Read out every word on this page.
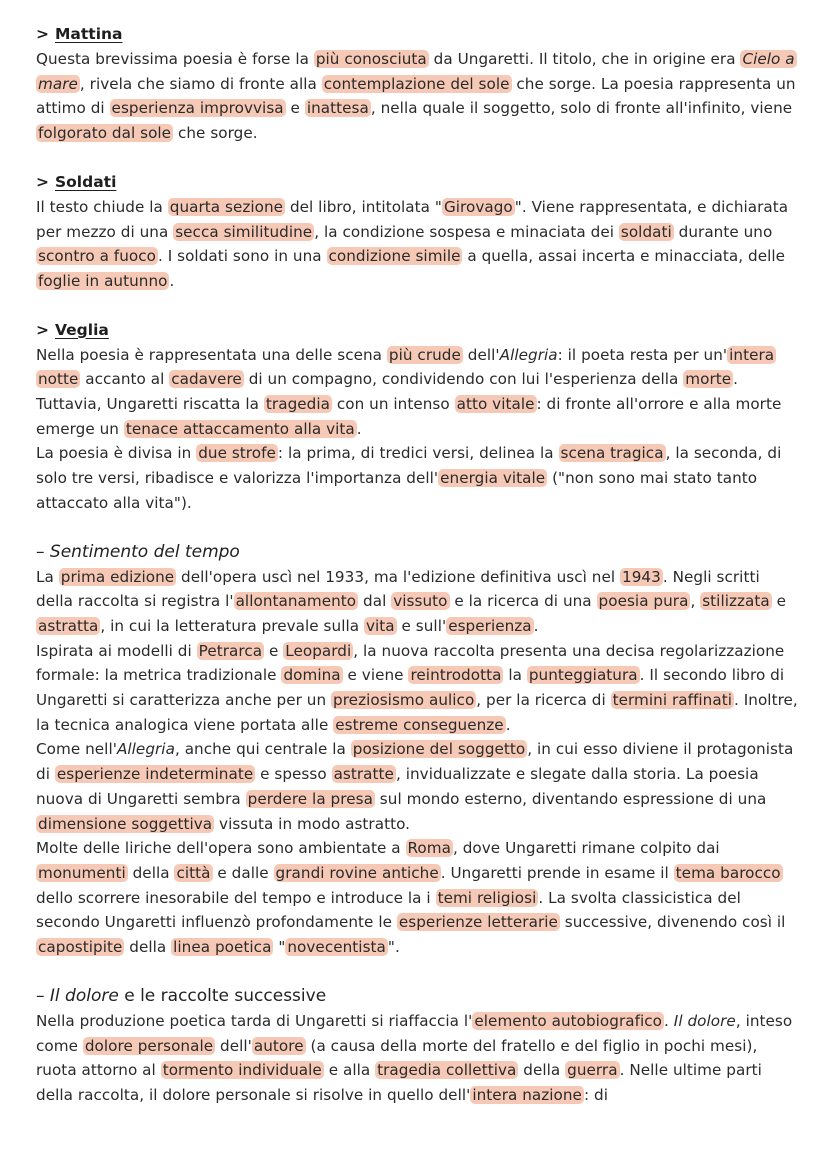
> Mattina

Questa brevissima poesia è forse la più conosciuta da Ungaretti. Il titolo, che in origine era Cielo a mare , rivela che siamo di fronte alla contemplazione del sole che sorge. La poesia rappresenta un attimo di esperienza improvvisa e inattesa , nella quale il soggetto, solo di fronte all'infinito, viene folgorato dal sole che sorge.

> Soldati

Il testo chiude la quarta sezione del libro, intitolata " Girovago ". Viene rappresentata, e dichiarata per mezzo di una secca similitudine , la condizione sospesa e minaciata dei soldati durante uno scontro a fuoco . I soldati sono in una condizione simile a quella, assai incerta e minacciata, delle foglie in autunno .

> Veglia

Nella poesia è rappresentata una delle scena più crude dell'Allegria: il poeta resta per un' intera notte accanto al cadavere di un compagno, condividendo con lui l'esperienza della morte . Tuttavia, Ungaretti riscatta la tragedia con un intenso atto vitale : di fronte all'orrore e alla morte emerge un tenace attaccamento alla vita .

La poesia è divisa in due strofe : la prima, di tredici versi, delinea la scena tragica , la seconda, di solo tre versi, ribadisce e valorizza l'importanza dell' energia vitale ("non sono mai stato tanto attaccato alla vita").

– Sentimento del tempo

La prima edizione dell'opera uscì nel 1933, ma l'edizione definitiva uscì nel 1943 . Negli scritti della raccolta si registra l' allontanamento dal vissuto e la ricerca di una poesia pura , stilizzata e astratta , in cui la letteratura prevale sulla vita e sull' esperienza .

Ispirata ai modelli di Petrarca e Leopardi , la nuova raccolta presenta una decisa regolarizzazione formale: la metrica tradizionale domina e viene reintrodotta la punteggiatura . Il secondo libro di Ungaretti si caratterizza anche per un preziosismo aulico , per la ricerca di termini raffinati . Inoltre, la tecnica analogica viene portata alle estreme conseguenze .

Come nell'Allegria, anche qui centrale la posizione del soggetto , in cui esso diviene il protagonista di esperienze indeterminate e spesso astratte , invidualizzate e slegate dalla storia. La poesia nuova di Ungaretti sembra perdere la presa sul mondo esterno, diventando espressione di una dimensione soggettiva vissuta in modo astratto.

Molte delle liriche dell'opera sono ambientate a Roma , dove Ungaretti rimane colpito dai monumenti della città e dalle grandi rovine antiche . Ungaretti prende in esame il tema barocco dello scorrere inesorabile del tempo e introduce la i temi religiosi . La svolta classicistica del secondo Ungaretti influenzò profondamente le esperienze letterarie successive, divenendo così il capostipite della linea poetica " novecentista ".

– Il dolore e le raccolte successive

Nella produzione poetica tarda di Ungaretti si riaffaccia l' elemento autobiografico . Il dolore, inteso come dolore personale dell' autore (a causa della morte del fratello e del figlio in pochi mesi), ruota attorno al tormento individuale e alla tragedia collettiva della guerra . Nelle ultime parti della raccolta, il dolore personale si risolve in quello dell' intera nazione : di
